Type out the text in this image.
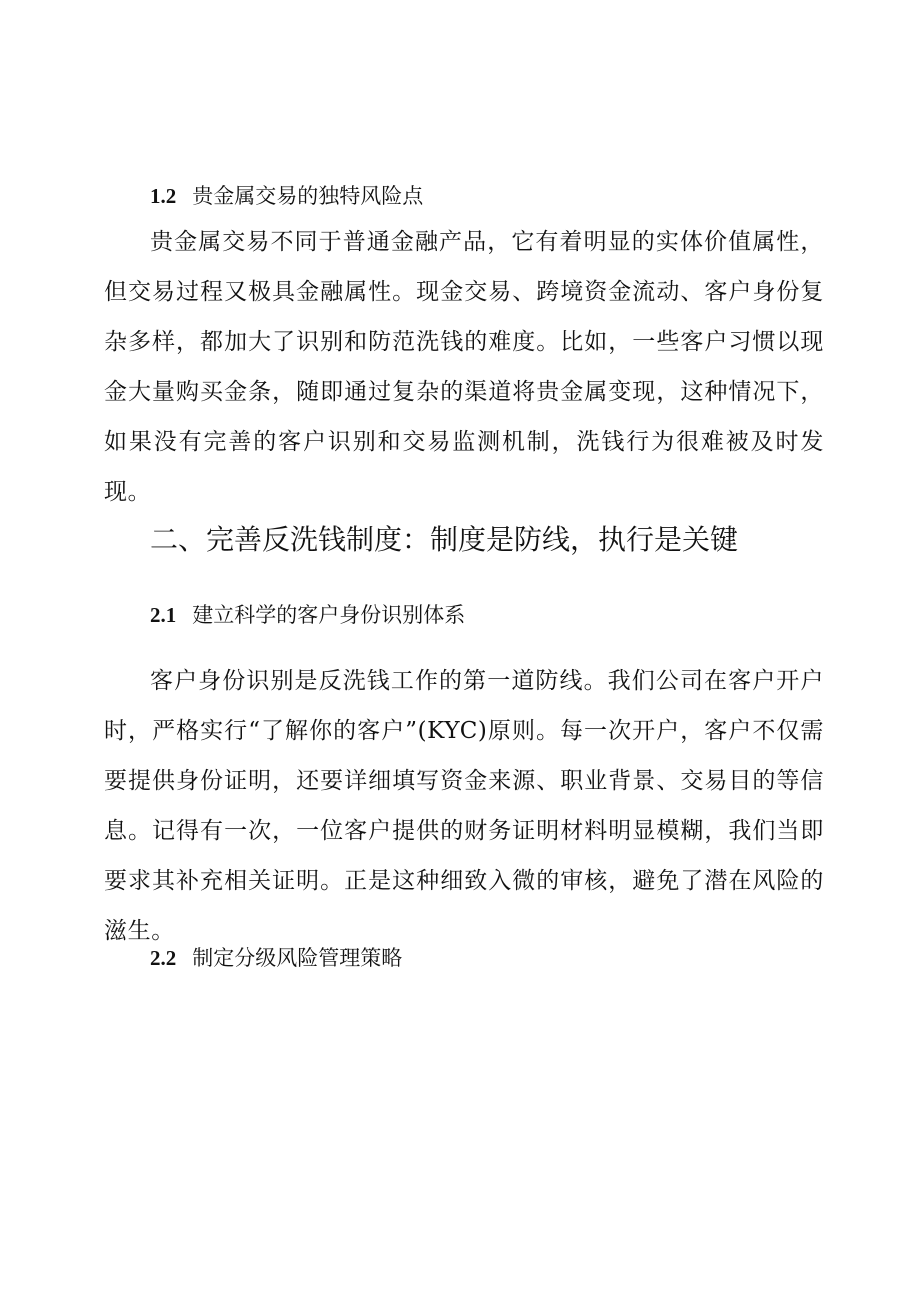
1.2 贵金属交易的独特风险点

贵金属交易不同于普通金融产品，它有着明显的实体价值属性，但交易过程又极具金融属性。现金交易、跨境资金流动、客户身份复杂多样，都加大了识别和防范洗钱的难度。比如，一些客户习惯以现金大量购买金条，随即通过复杂的渠道将贵金属变现，这种情况下，如果没有完善的客户识别和交易监测机制，洗钱行为很难被及时发现。

二、完善反洗钱制度：制度是防线，执行是关键
2.1 建立科学的客户身份识别体系

客户身份识别是反洗钱工作的第一道防线。我们公司在客户开户时，严格实行“了解你的客户”(KYC)原则。每一次开户，客户不仅需要提供身份证明，还要详细填写资金来源、职业背景、交易目的等信息。记得有一次，一位客户提供的财务证明材料明显模糊，我们当即要求其补充相关证明。正是这种细致入微的审核，避免了潜在风险的滋生。

2.2 制定分级风险管理策略
